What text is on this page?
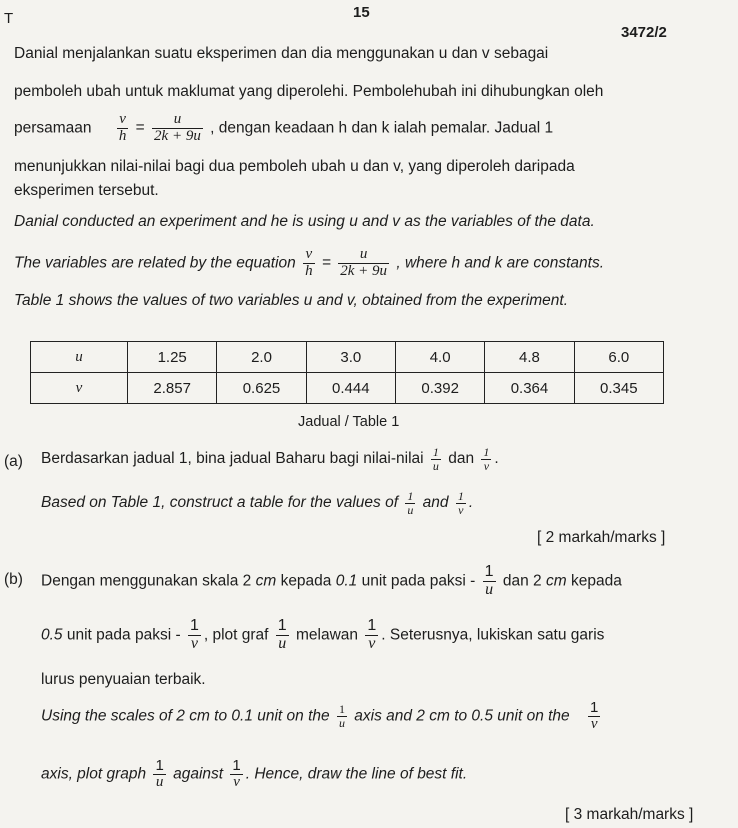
T	15
3472/2
Danial menjalankan suatu eksperimen dan dia menggunakan u dan v sebagai
pemboleh ubah untuk maklumat yang diperolehi. Pembolehubah ini dihubungkan oleh
persamaan $\frac{v}{h} = \frac{u}{2k + 9u}$ , dengan keadaan h dan k ialah pemalar. Jadual 1
menunjukkan nilai-nilai bagi dua pemboleh ubah u dan v, yang diperoleh daripada
eksperimen tersebut.
Danial conducted an experiment and he is using u and v as the variables of the data.
The variables are related by the equation $\frac{v}{h} = \frac{u}{2k + 9u}$ , where h and k are constants.
Table 1 shows the values of two variables u and v, obtained from the experiment.
u	1.25	2.0	3.0	4.0	4.8	6.0
v	2.857	0.625	0.444	0.392	0.364	0.345
Jadual / Table 1
(a) Berdasarkan jadual 1, bina jadual Baharu bagi nilai-nilai $\frac{1}{u}$ dan $\frac{1}{v}$ .
Based on Table 1, construct a table for the values of $\frac{1}{u}$ and $\frac{1}{v}$ .
[ 2 markah/marks ]
(b) Dengan menggunakan skala 2 cm kepada 0.1 unit pada paksi - $\frac{1}{u}$ dan 2 cm kepada
0.5 unit pada paksi - $\frac{1}{v}$ , plot graf $\frac{1}{u}$ melawan $\frac{1}{v}$ . Seterusnya, lukiskan satu garis
lurus penyuaian terbaik.
Using the scales of 2 cm to 0.1 unit on the $\frac{1}{u}$ axis and 2 cm to 0.5 unit on the $\frac{1}{v}$
axis, plot graph $\frac{1}{u}$ against $\frac{1}{v}$ . Hence, draw the line of best fit.
[ 3 markah/marks ]
